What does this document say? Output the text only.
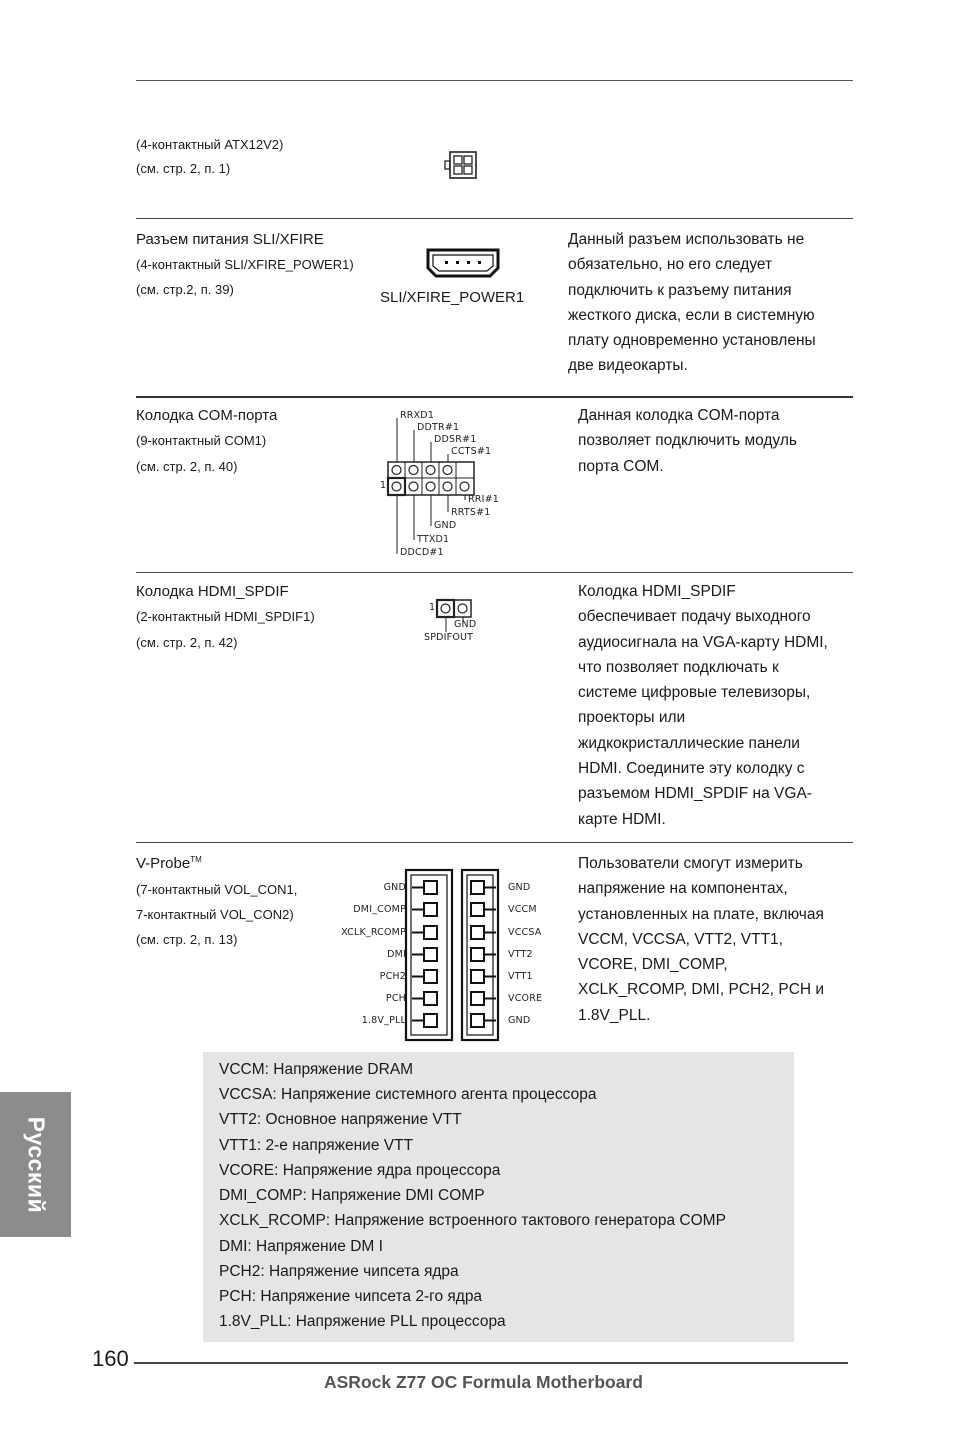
(4-контактный ATX12V2)
(см. стр. 2, п. 1)
Разъем питания SLI/XFIRE
(4-контактный SLI/XFIRE_POWER1)
(см. стр.2, п. 39)	SLI/XFIRE_POWER1
Данный разъем использовать не
обязательно, но его следует
подключить к разъему питания
жесткого диска, если в системную
плату одновременно установлены
две видеокарты.
Колодка COM-порта
(9-контактный COM1)
(см. стр. 2, п. 40)
RRXD1
DDTR#1
DDSR#1
CCTS#1
1
RRI#1
RRTS#1
GND
TTXD1
DDCD#1
Данная колодка COM-порта
позволяет подключить модуль
порта COM.
Колодка HDMI_SPDIF
(2-контактный HDMI_SPDIF1)
(см. стр. 2, п. 42)
1
GND
SPDIFOUT
Колодка HDMI_SPDIF
обеспечивает подачу выходного
аудиосигнала на VGA-карту HDMI,
что позволяет подключать к
системе цифровые телевизоры,
проекторы или
жидкокристаллические панели
HDMI. Соедините эту колодку с
разъемом HDMI_SPDIF на VGA-
карте HDMI.
V-Probe™
(7-контактный VOL_CON1,
7-контактный VOL_CON2)
(см. стр. 2, п. 13)
GND
DMI_COMP
XCLK_RCOMP
DMI
PCH2
PCH
1.8V_PLL
GND
VCCM
VCCSA
VTT2
VTT1
VCORE
GND
Пользователи смогут измерить
напряжение на компонентах,
установленных на плате, включая
VCCM, VCCSA, VTT2, VTT1,
VCORE, DMI_COMP,
XCLK_RCOMP, DMI, PCH2, PCH и
1.8V_PLL.
VCCM: Напряжение DRAM
VCCSA: Напряжение системного агента процессора
VTT2: Основное напряжение VTT
VTT1: 2-е напряжение VTT
VCORE: Напряжение ядра процессора
DMI_COMP: Напряжение DMI COMP
XCLK_RCOMP: Напряжение встроенного тактового генератора COMP
DMI: Напряжение DM I
PCH2: Напряжение чипсета ядра
PCH: Напряжение чипсета 2-го ядра
1.8V_PLL: Напряжение PLL процессора
Русский
160
ASRock Z77 OC Formula Motherboard
